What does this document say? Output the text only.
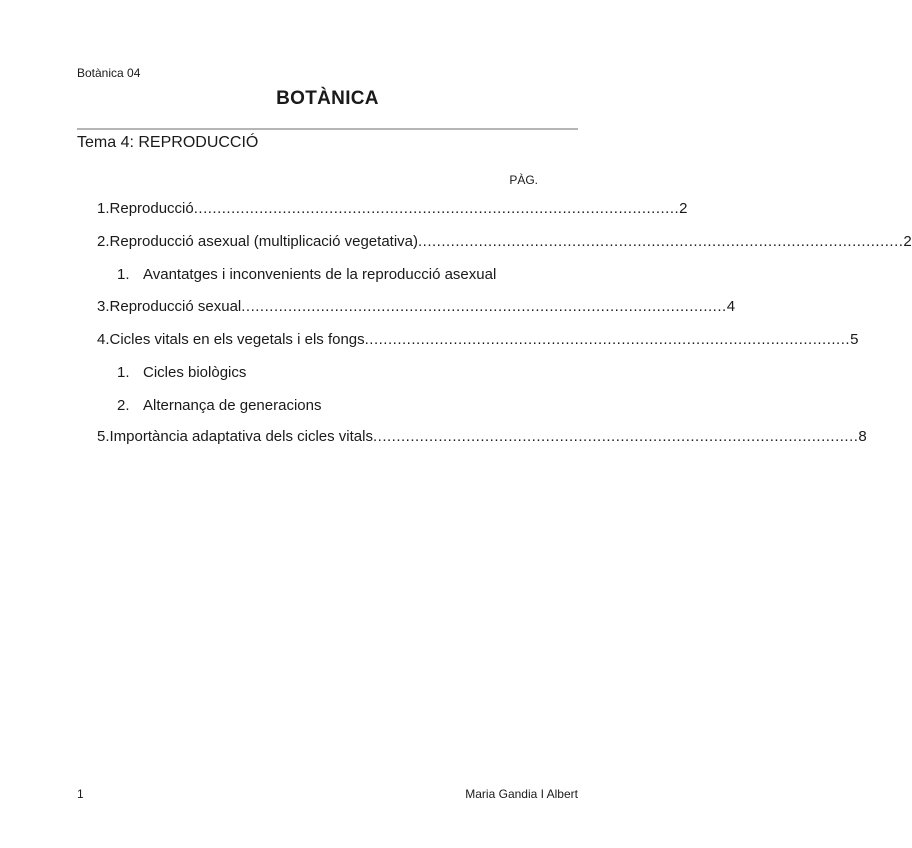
Botànica 04
BOTÀNICA
Tema 4: REPRODUCCIÓ
PÀG.
1. Reproducció ........................................................................................................ 2
2. Reproducció asexual (multiplicació vegetativa) ........................................................................................................ 2
1. Avantatges i inconvenients de la reproducció asexual
3. Reproducció sexual ........................................................................................................ 4
4. Cicles vitals en els vegetals i els fongs ........................................................................................................ 5
1. Cicles biològics
2. Alternança de generacions
5. Importància adaptativa dels cicles vitals ........................................................................................................ 8
1	Maria Gandia I Albert
